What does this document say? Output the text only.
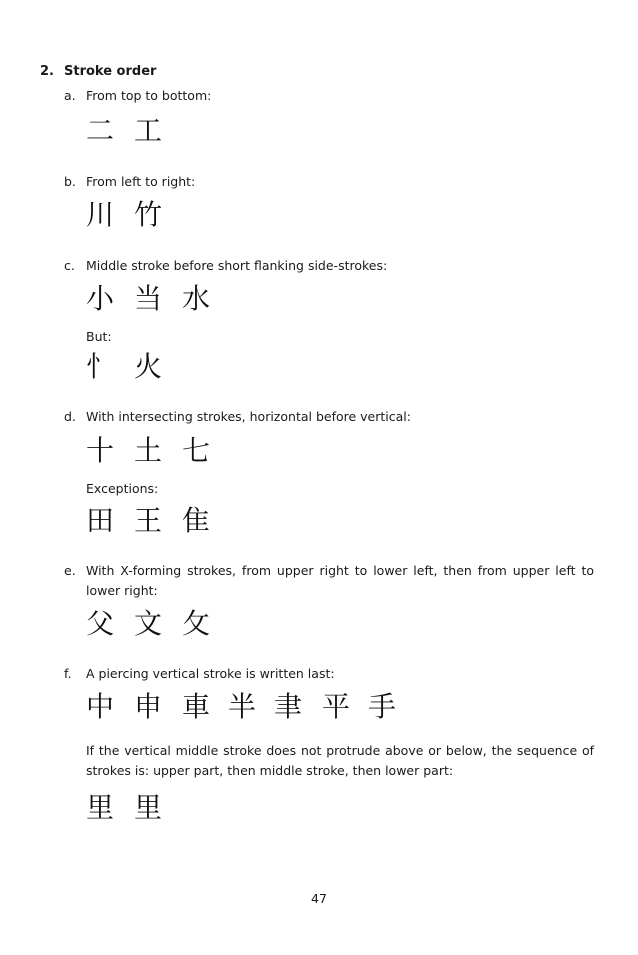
2. Stroke order
a. From top to bottom:
二 工
b. From left to right:
川 竹
c. Middle stroke before short flanking side-strokes:
小 当 水
But:
忄 火
d. With intersecting strokes, horizontal before vertical:
十 土 七
Exceptions:
田 王 隹
e. With X-forming strokes, from upper right to lower left, then from upper left to lower right:
父 文 攵
f. A piercing vertical stroke is written last:
中 申 車 半 聿 平 手
If the vertical middle stroke does not protrude above or below, the sequence of strokes is: upper part, then middle stroke, then lower part:
里 里
47
